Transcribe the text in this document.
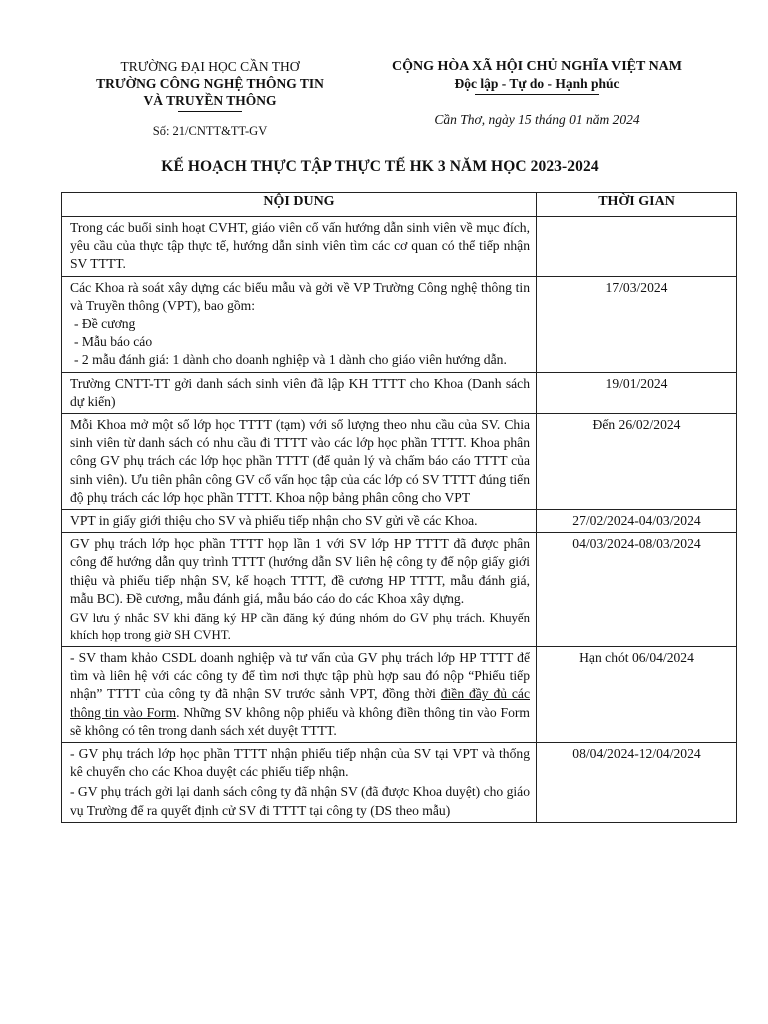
TRƯỜNG ĐẠI HỌC CẦN THƠ
TRƯỜNG CÔNG NGHỆ THÔNG TIN
VÀ TRUYỀN THÔNG
Số: 21/CNTT&TT-GV
CỘNG HÒA XÃ HỘI CHỦ NGHĨA VIỆT NAM
Độc lập - Tự do - Hạnh phúc
Cần Thơ, ngày 15 tháng 01 năm 2024
KẾ HOẠCH THỰC TẬP THỰC TẾ HK 3 NĂM HỌC 2023-2024
NỘI DUNG	THỜI GIAN
Trong các buổi sinh hoạt CVHT, giáo viên cố vấn hướng dẫn sinh viên về mục đích, yêu cầu của thực tập thực tế, hướng dẫn sinh viên tìm các cơ quan có thể tiếp nhận SV TTTT.	

Các Khoa rà soát xây dựng các biểu mẫu và gởi về VP Trường Công nghệ thông tin và Truyền thông (VPT), bao gồm:
- Đề cương
- Mẫu báo cáo
- 2 mẫu đánh giá: 1 dành cho doanh nghiệp và 1 dành cho giáo viên hướng dẫn.	17/03/2024
Trường CNTT-TT gởi danh sách sinh viên đã lập KH TTTT cho Khoa (Danh sách dự kiến)	19/01/2024
Mỗi Khoa mở một số lớp học TTTT (tạm) với số lượng theo nhu cầu của SV. Chia sinh viên từ danh sách có nhu cầu đi TTTT vào các lớp học phần TTTT. Khoa phân công GV phụ trách các lớp học phần TTTT (để quản lý và chấm báo cáo TTTT của sinh viên). Ưu tiên phân công GV cố vấn học tập của các lớp có SV TTTT đúng tiến độ phụ trách các lớp học phần TTTT. Khoa nộp bảng phân công cho VPT	Đến 26/02/2024
VPT in giấy giới thiệu cho SV và phiếu tiếp nhận cho SV gửi về các Khoa.	27/02/2024-04/03/2024

GV phụ trách lớp học phần TTTT họp lần 1 với SV lớp HP TTTT đã được phân công để hướng dẫn quy trình TTTT (hướng dẫn SV liên hệ công ty để nộp giấy giới thiệu và phiếu tiếp nhận SV, kế hoạch TTTT, đề cương HP TTTT, mẫu đánh giá, mẫu BC). Đề cương, mẫu đánh giá, mẫu báo cáo do các Khoa xây dựng.
GV lưu ý nhắc SV khi đăng ký HP cần đăng ký đúng nhóm do GV phụ trách. Khuyến khích họp trong giờ SH CVHT.	04/03/2024-08/03/2024
- SV tham khảo CSDL doanh nghiệp và tư vấn của GV phụ trách lớp HP TTTT để tìm và liên hệ với các công ty để tìm nơi thực tập phù hợp sau đó nộp “Phiếu tiếp nhận” TTTT của công ty đã nhận SV trước sảnh VPT, đồng thời điền đầy đủ các thông tin vào Form. Những SV không nộp phiếu và không điền thông tin vào Form sẽ không có tên trong danh sách xét duyệt TTTT.	Hạn chót 06/04/2024

- GV phụ trách lớp học phần TTTT nhận phiếu tiếp nhận của SV tại VPT và thống kê chuyển cho các Khoa duyệt các phiếu tiếp nhận.
- GV phụ trách gởi lại danh sách công ty đã nhận SV (đã được Khoa duyệt) cho giáo vụ Trường để ra quyết định cử SV đi TTTT tại công ty (DS theo mẫu)	08/04/2024-12/04/2024
